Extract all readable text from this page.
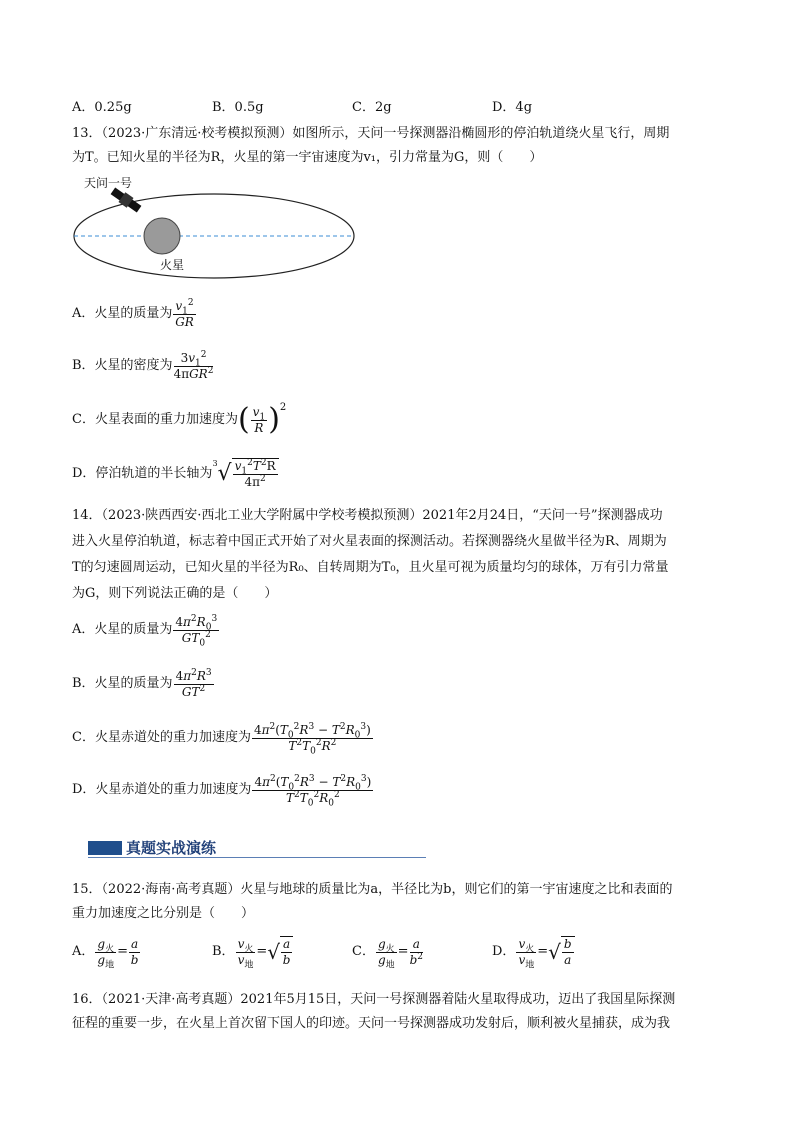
A．0.25g	B．0.5g	C．2g	D．4g
13．（2023·广东清远·校考模拟预测）如图所示，天问一号探测器沿椭圆形的停泊轨道绕火星飞行，周期
为T。已知火星的半径为R，火星的第一宇宙速度为v₁，引力常量为G，则（　　）
天问一号
火星
A．火星的质量为 $\frac{v_1^2}{GR}$
B．火星的密度为 $\frac{3v_1^2}{4\pi GR^2}$
C．火星表面的重力加速度为 ( $\frac{v_1}{R} )^2$
D．停泊轨道的半长轴为
$^3√ \frac{v_1^2T^2R}{4\pi^2}$
14．（2023·陕西西安·西北工业大学附属中学校考模拟预测）2021年2月24日，“天问一号”探测器成功
进入火星停泊轨道，标志着中国正式开始了对火星表面的探测活动。若探测器绕火星做半径为R、周期为
T的匀速圆周运动，已知火星的半径为R₀、自转周期为T₀，且火星可视为质量均匀的球体，万有引力常量
为G，则下列说法正确的是（　　）
A．火星的质量为 $\frac{4\pi^2R_0^3}{GT_0^2}$
B．火星的质量为 $\frac{4\pi^2R^3}{GT^2}$
C．火星赤道处的重力加速度为 $\frac{4\pi^2(T_0^2R^3 - T^2R_0^3)}{T^2T_0^2R^2}$
D．火星赤道处的重力加速度为 $\frac{4\pi^2(T_0^2R^3 - T^2R_0^3)}{T^2T_0^2R_0^2}$
真题实战演练
15．（2022·海南·高考真题）火星与地球的质量比为a，半径比为b，则它们的第一宇宙速度之比和表面的
重力加速度之比分别是（　　）
A． $\frac{g_火}{g_地} = \frac{a}{b}$	B． $\frac{v_火}{v_地}$ = √ $\frac{a}{b}$	C． $\frac{g_火}{g_地} = \frac{a}{b^2}$	D． $\frac{v_火}{v_地}$ = √ $\frac{b}{a}$
16．（2021·天津·高考真题）2021年5月15日，天问一号探测器着陆火星取得成功，迈出了我国星际探测
征程的重要一步，在火星上首次留下国人的印迹。天问一号探测器成功发射后，顺利被火星捕获，成为我
